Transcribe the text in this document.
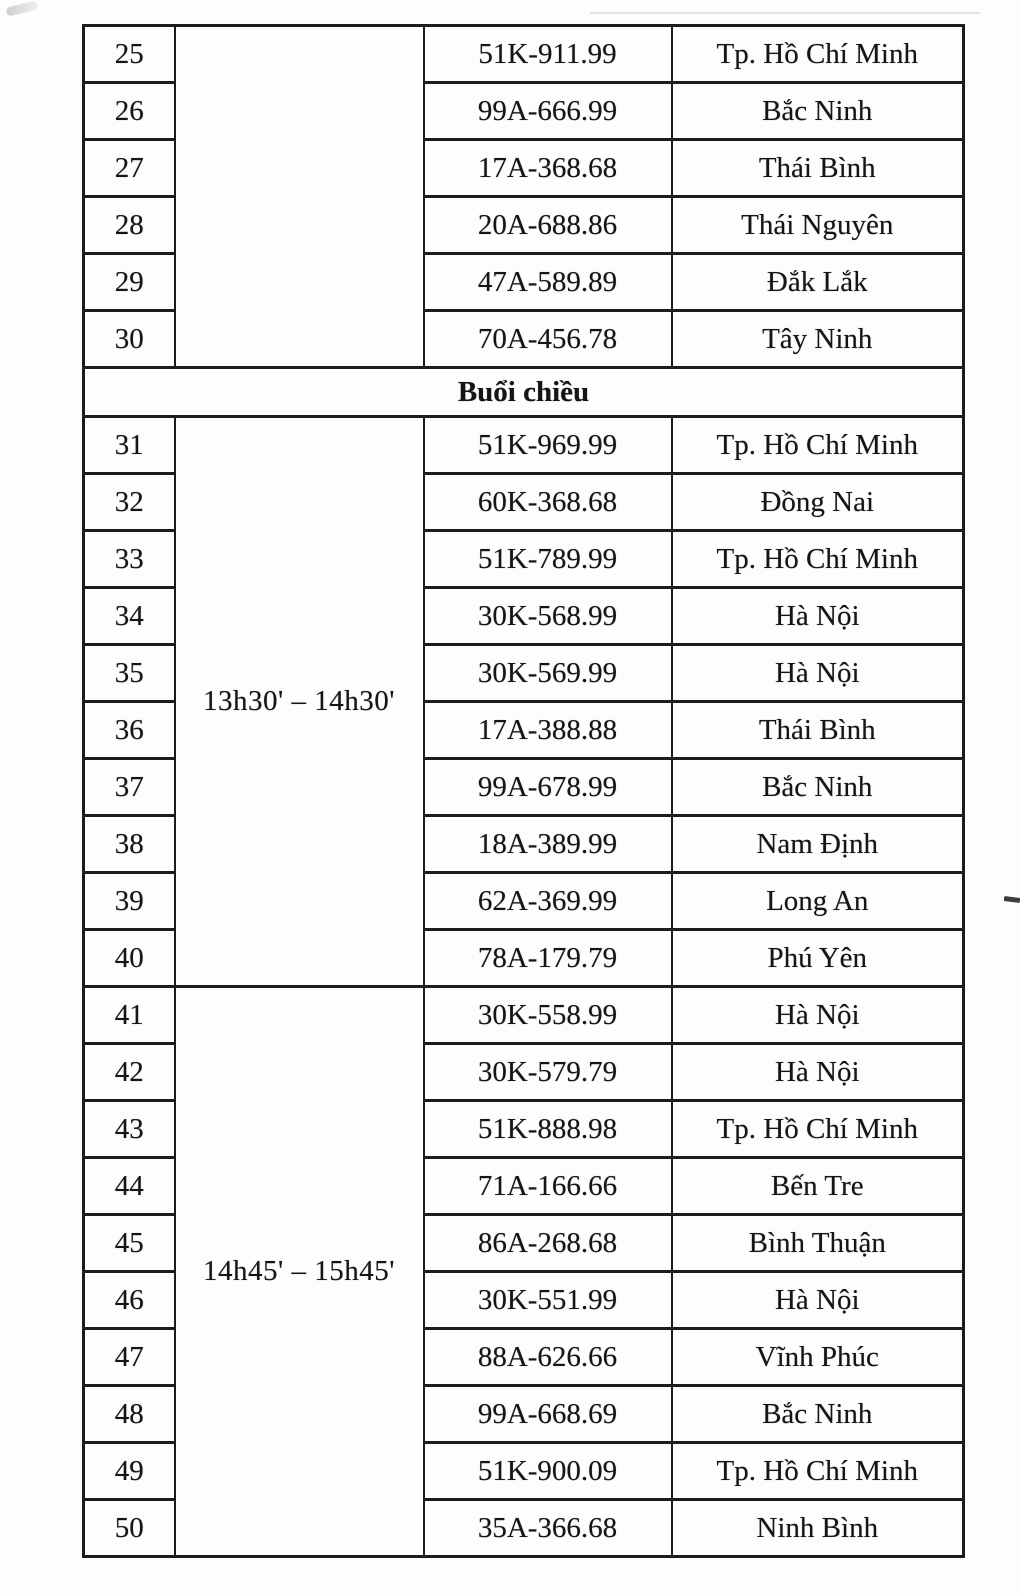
25		51K-911.99	Tp. Hồ Chí Minh
26		99A-666.99	Bắc Ninh
27		17A-368.68	Thái Bình
28		20A-688.86	Thái Nguyên
29		47A-589.89	Đắk Lắk
30		70A-456.78	Tây Ninh
Buổi chiều			
31	13h30' – 14h30'	51K-969.99	Tp. Hồ Chí Minh
32		60K-368.68	Đồng Nai
33		51K-789.99	Tp. Hồ Chí Minh
34		30K-568.99	Hà Nội
35		30K-569.99	Hà Nội
36		17A-388.88	Thái Bình
37		99A-678.99	Bắc Ninh
38		18A-389.99	Nam Định
39		62A-369.99	Long An
40		78A-179.79	Phú Yên
41	14h45' – 15h45'	30K-558.99	Hà Nội
42		30K-579.79	Hà Nội
43		51K-888.98	Tp. Hồ Chí Minh
44		71A-166.66	Bến Tre
45		86A-268.68	Bình Thuận
46		30K-551.99	Hà Nội
47		88A-626.66	Vĩnh Phúc
48		99A-668.69	Bắc Ninh
49		51K-900.09	Tp. Hồ Chí Minh
50		35A-366.68	Ninh Bình
